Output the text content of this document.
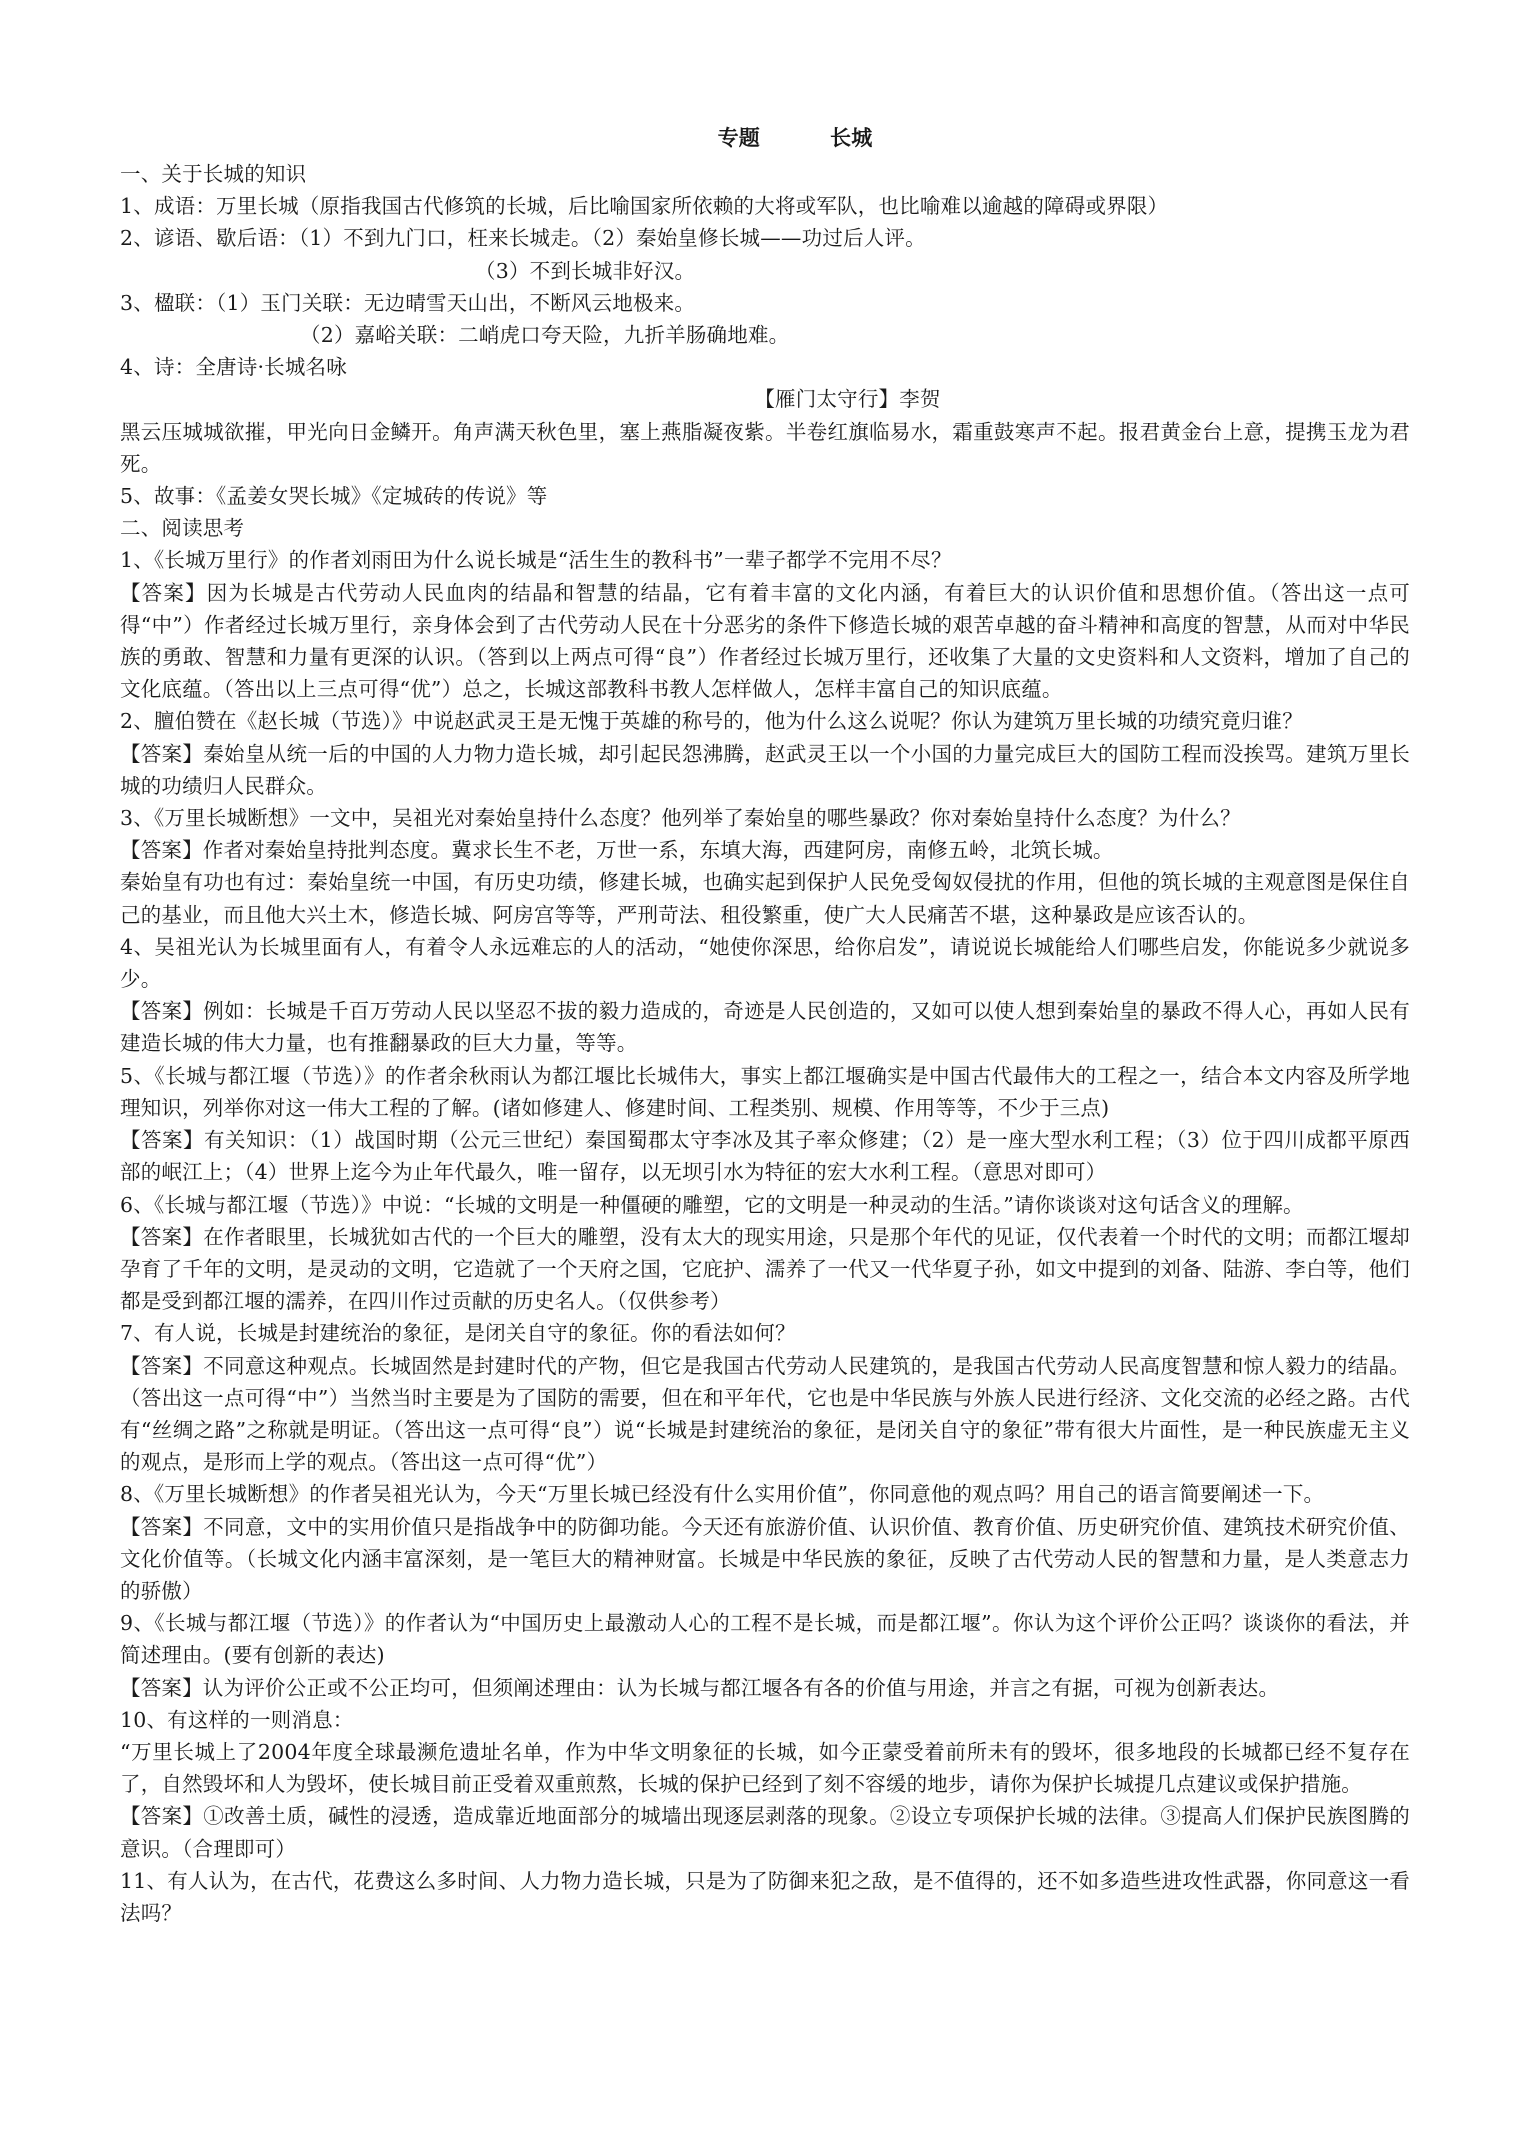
专题	长城

一、关于长城的知识

1、成语：万里长城（原指我国古代修筑的长城，后比喻国家所依赖的大将或军队，也比喻难以逾越的障碍或界限）

2、谚语、歇后语：（1）不到九门口，枉来长城走。（2）秦始皇修长城——功过后人评。

（3）不到长城非好汉。

3、楹联：（1）玉门关联：无边晴雪天山出，不断风云地极来。

（2）嘉峪关联：二峭虎口夸天险，九折羊肠确地难。

4、诗：全唐诗·长城名咏

【雁门太守行】李贺

黑云压城城欲摧，甲光向日金鳞开。角声满天秋色里，塞上燕脂凝夜紫。半卷红旗临易水，霜重鼓寒声不起。报君黄金台上意，提携玉龙为君死。

5、故事：《孟姜女哭长城》《定城砖的传说》等

二、阅读思考

1、《长城万里行》的作者刘雨田为什么说长城是“活生生的教科书”一辈子都学不完用不尽？

【答案】因为长城是古代劳动人民血肉的结晶和智慧的结晶，它有着丰富的文化内涵，有着巨大的认识价值和思想价值。（答出这一点可得“中”）作者经过长城万里行，亲身体会到了古代劳动人民在十分恶劣的条件下修造长城的艰苦卓越的奋斗精神和高度的智慧，从而对中华民族的勇敢、智慧和力量有更深的认识。（答到以上两点可得“良”）作者经过长城万里行，还收集了大量的文史资料和人文资料，增加了自己的文化底蕴。（答出以上三点可得“优”）总之，长城这部教科书教人怎样做人，怎样丰富自己的知识底蕴。

2、膻伯赞在《赵长城（节选）》中说赵武灵王是无愧于英雄的称号的，他为什么这么说呢？你认为建筑万里长城的功绩究竟归谁？

【答案】秦始皇从统一后的中国的人力物力造长城，却引起民怨沸腾，赵武灵王以一个小国的力量完成巨大的国防工程而没挨骂。建筑万里长城的功绩归人民群众。

3、《万里长城断想》一文中，吴祖光对秦始皇持什么态度？他列举了秦始皇的哪些暴政？你对秦始皇持什么态度？为什么？

【答案】作者对秦始皇持批判态度。冀求长生不老，万世一系，东填大海，西建阿房，南修五岭，北筑长城。

秦始皇有功也有过：秦始皇统一中国，有历史功绩，修建长城，也确实起到保护人民免受匈奴侵扰的作用，但他的筑长城的主观意图是保住自己的基业，而且他大兴土木，修造长城、阿房宫等等，严刑苛法、租役繁重，使广大人民痛苦不堪，这种暴政是应该否认的。

4、吴祖光认为长城里面有人，有着令人永远难忘的人的活动，“她使你深思，给你启发”，请说说长城能给人们哪些启发，你能说多少就说多少。

【答案】例如：长城是千百万劳动人民以坚忍不拔的毅力造成的，奇迹是人民创造的，又如可以使人想到秦始皇的暴政不得人心，再如人民有建造长城的伟大力量，也有推翻暴政的巨大力量，等等。

5、《长城与都江堰（节选）》的作者余秋雨认为都江堰比长城伟大，事实上都江堰确实是中国古代最伟大的工程之一，结合本文内容及所学地理知识，列举你对这一伟大工程的了解。(诸如修建人、修建时间、工程类别、规模、作用等等，不少于三点)

【答案】有关知识：（1）战国时期（公元三世纪）秦国蜀郡太守李冰及其子率众修建；（2）是一座大型水利工程；（3）位于四川成都平原西部的岷江上；（4）世界上迄今为止年代最久，唯一留存，以无坝引水为特征的宏大水利工程。（意思对即可）

6、《长城与都江堰（节选）》中说：“长城的文明是一种僵硬的雕塑，它的文明是一种灵动的生活。”请你谈谈对这句话含义的理解。

【答案】在作者眼里，长城犹如古代的一个巨大的雕塑，没有太大的现实用途，只是那个年代的见证，仅代表着一个时代的文明；而都江堰却孕育了千年的文明，是灵动的文明，它造就了一个天府之国，它庇护、濡养了一代又一代华夏子孙，如文中提到的刘备、陆游、李白等，他们都是受到都江堰的濡养，在四川作过贡献的历史名人。（仅供参考）

7、有人说，长城是封建统治的象征，是闭关自守的象征。你的看法如何？

【答案】不同意这种观点。长城固然是封建时代的产物，但它是我国古代劳动人民建筑的，是我国古代劳动人民高度智慧和惊人毅力的结晶。（答出这一点可得“中”）当然当时主要是为了国防的需要，但在和平年代，它也是中华民族与外族人民进行经济、文化交流的必经之路。古代有“丝绸之路”之称就是明证。（答出这一点可得“良”）说“长城是封建统治的象征，是闭关自守的象征”带有很大片面性，是一种民族虚无主义的观点，是形而上学的观点。（答出这一点可得“优”）

8、《万里长城断想》的作者吴祖光认为，今天“万里长城已经没有什么实用价值”，你同意他的观点吗？用自己的语言简要阐述一下。

【答案】不同意，文中的实用价值只是指战争中的防御功能。今天还有旅游价值、认识价值、教育价值、历史研究价值、建筑技术研究价值、文化价值等。（长城文化内涵丰富深刻，是一笔巨大的精神财富。长城是中华民族的象征，反映了古代劳动人民的智慧和力量，是人类意志力的骄傲）

9、《长城与都江堰（节选）》的作者认为“中国历史上最激动人心的工程不是长城，而是都江堰”。你认为这个评价公正吗？谈谈你的看法，并简述理由。(要有创新的表达)

【答案】认为评价公正或不公正均可，但须阐述理由：认为长城与都江堰各有各的价值与用途，并言之有据，可视为创新表达。

10、有这样的一则消息：

“万里长城上了2004年度全球最濒危遗址名单，作为中华文明象征的长城，如今正蒙受着前所未有的毁坏，很多地段的长城都已经不复存在了，自然毁坏和人为毁坏，使长城目前正受着双重煎熬，长城的保护已经到了刻不容缓的地步，请你为保护长城提几点建议或保护措施。

【答案】①改善土质，碱性的浸透，造成靠近地面部分的城墙出现逐层剥落的现象。②设立专项保护长城的法律。③提高人们保护民族图腾的意识。（合理即可）

11、有人认为，在古代，花费这么多时间、人力物力造长城，只是为了防御来犯之敌，是不值得的，还不如多造些进攻性武器，你同意这一看法吗？
